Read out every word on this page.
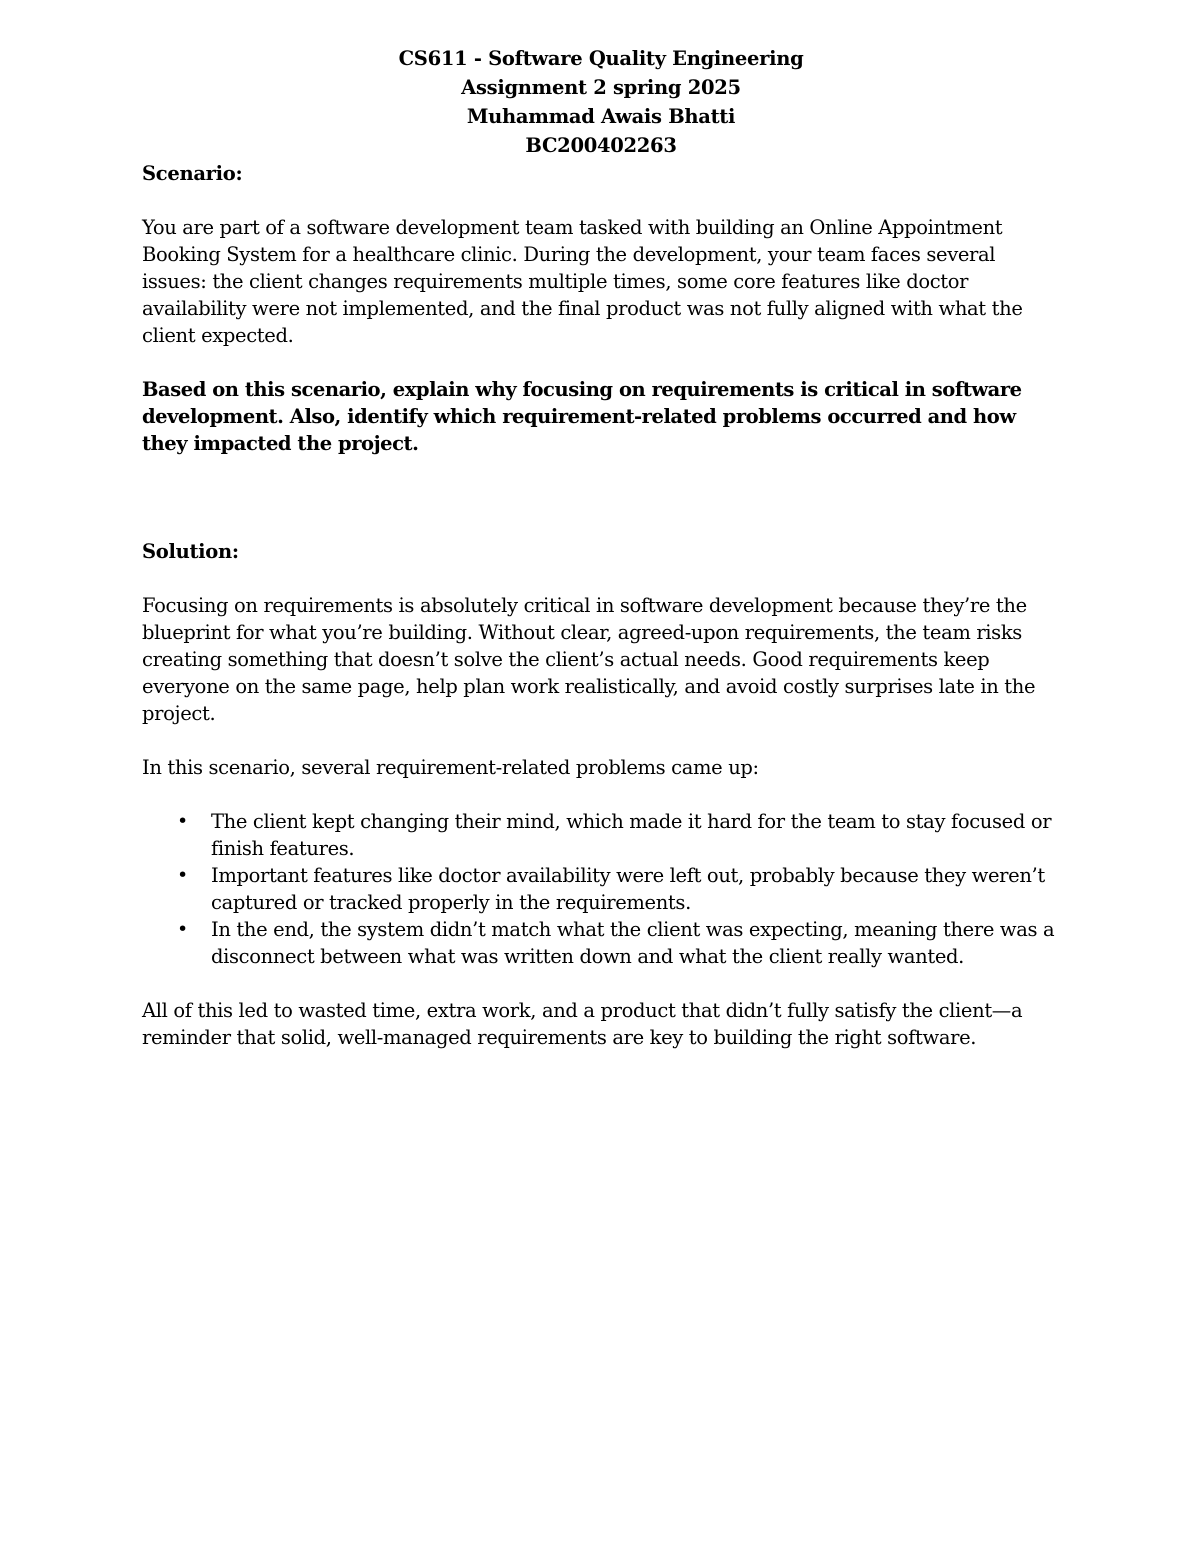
CS611 - Software Quality Engineering
Assignment 2 spring 2025
Muhammad Awais Bhatti
BC200402263

Scenario:

You are part of a software development team tasked with building an Online Appointment Booking System for a healthcare clinic. During the development, your team faces several issues: the client changes requirements multiple times, some core features like doctor availability were not implemented, and the final product was not fully aligned with what the client expected.

Based on this scenario, explain why focusing on requirements is critical in software development. Also, identify which requirement-related problems occurred and how they impacted the project.

Solution:

Focusing on requirements is absolutely critical in software development because they’re the blueprint for what you’re building. Without clear, agreed-upon requirements, the team risks creating something that doesn’t solve the client’s actual needs. Good requirements keep everyone on the same page, help plan work realistically, and avoid costly surprises late in the project.

In this scenario, several requirement-related problems came up:

• The client kept changing their mind, which made it hard for the team to stay focused or finish features.
• Important features like doctor availability were left out, probably because they weren’t captured or tracked properly in the requirements.
• In the end, the system didn’t match what the client was expecting, meaning there was a disconnect between what was written down and what the client really wanted.

All of this led to wasted time, extra work, and a product that didn’t fully satisfy the client—a reminder that solid, well-managed requirements are key to building the right software.
